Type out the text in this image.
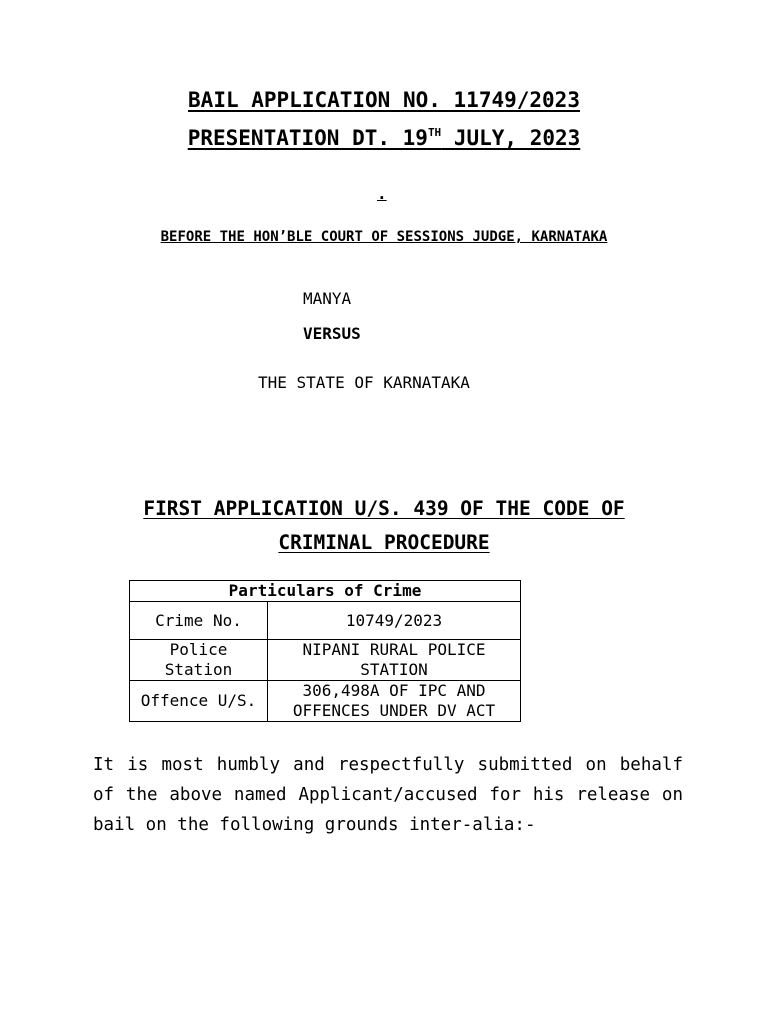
BAIL APPLICATION NO. 11749/2023
PRESENTATION DT. 19TH JULY, 2023
.
BEFORE THE HON’BLE COURT OF SESSIONS JUDGE, KARNATAKA
MANYA
VERSUS
THE STATE OF KARNATAKA
FIRST APPLICATION U/S. 439 OF THE CODE OF
CRIMINAL PROCEDURE
Particulars of Crime	
Crime No.	10749/2023
Police Station	NIPANI RURAL POLICE STATION
Offence U/S.	306,498A OF IPC AND OFFENCES UNDER DV ACT
It is most humbly and respectfully submitted on behalf of the above named Applicant/accused for his release on bail on the following grounds inter-alia:-
